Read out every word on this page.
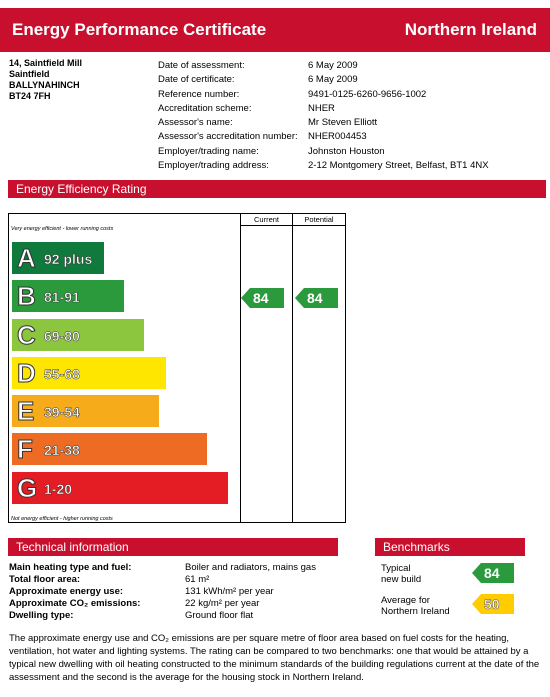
Energy Performance Certificate	Northern Ireland
14, Saintfield Mill
Saintfield
BALLYNAHINCH
BT24 7FH
Date of assessment:	6 May 2009
Date of certificate:	6 May 2009
Reference number:	9491-0125-6260-9656-1002
Accreditation scheme:	NHER
Assessor's name:	Mr Steven Elliott
Assessor's accreditation number: NHER004453
Employer/trading name:	Johnston Houston
Employer/trading address:	2-12 Montgomery Street, Belfast, BT1 4NX
Energy Efficiency Rating
Current	Potential
Very energy efficient - lower running costs
Not energy efficient - higher running costs
A 92 plus
B 81-91
C 69-80
D 55-68
E 39-54
F 21-38
G 1-20
84	84
Technical information
Main heating type and fuel:	Boiler and radiators, mains gas
Total floor area:	61 m²
Approximate energy use:	131 kWh/m² per year
Approximate CO₂ emissions:	22 kg/m² per year
Dwelling type:	Ground floor flat
Benchmarks
Typical
new build	84
Average for
Northern Ireland 50
The approximate energy use and CO₂ emissions are per square metre of floor area based on fuel costs for the heating, ventilation, hot water and lighting systems. The rating can be compared to two benchmarks: one that would be attained by a typical new dwelling with oil heating constructed to the minimum standards of the building regulations current at the date of the assessment and the second is the average for the housing stock in Northern Ireland.
